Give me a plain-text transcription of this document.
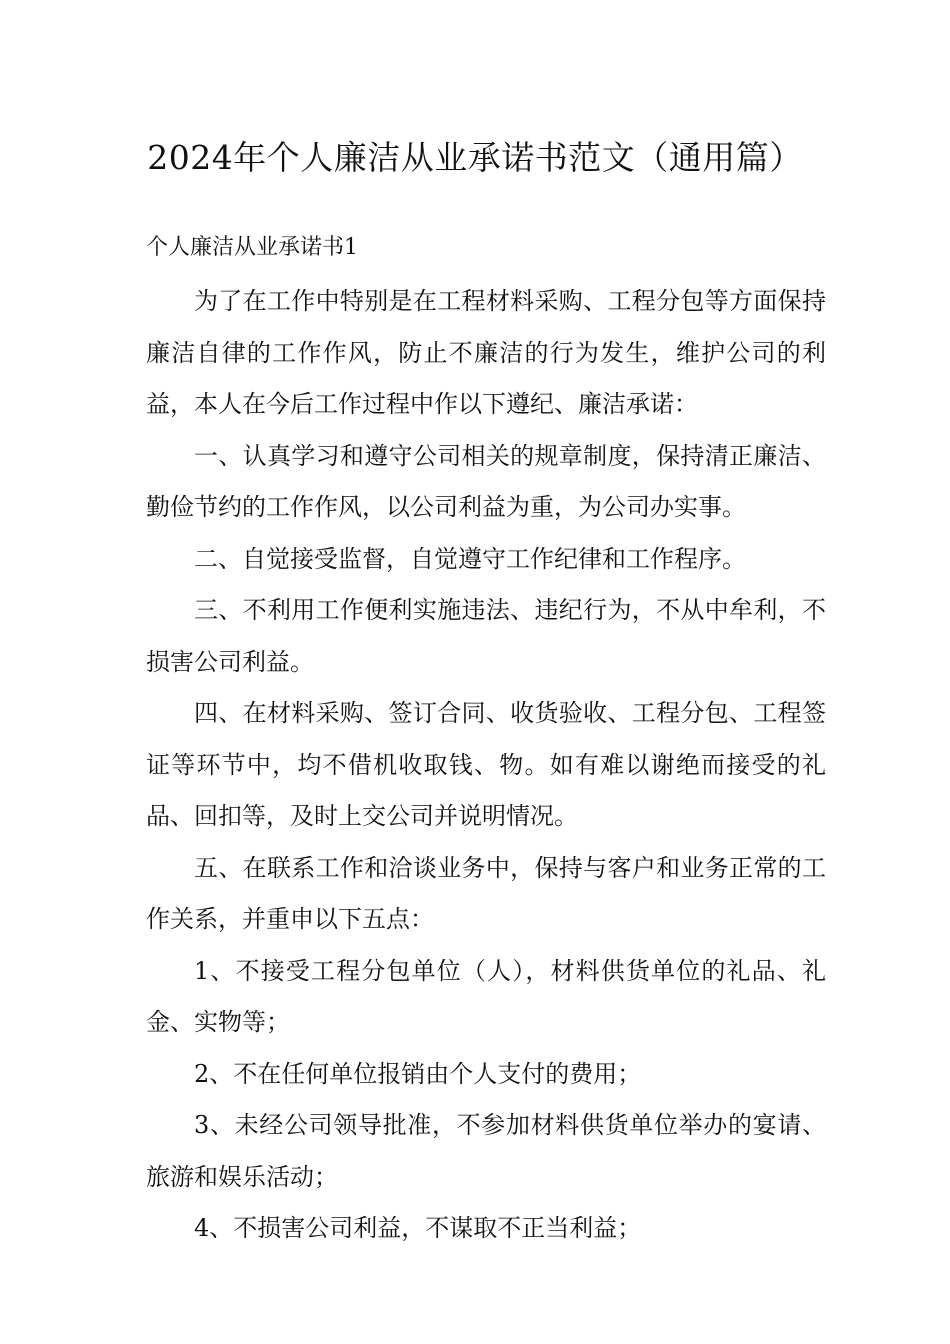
2024年个人廉洁从业承诺书范文（通用篇）
个人廉洁从业承诺书1

为了在工作中特别是在工程材料采购、工程分包等方面保持廉洁自律的工作作风，防止不廉洁的行为发生，维护公司的利益，本人在今后工作过程中作以下遵纪、廉洁承诺：

一、认真学习和遵守公司相关的规章制度，保持清正廉洁、勤俭节约的工作作风，以公司利益为重，为公司办实事。

二、自觉接受监督，自觉遵守工作纪律和工作程序。

三、不利用工作便利实施违法、违纪行为，不从中牟利，不损害公司利益。

四、在材料采购、签订合同、收货验收、工程分包、工程签证等环节中，均不借机收取钱、物。如有难以谢绝而接受的礼品、回扣等，及时上交公司并说明情况。

五、在联系工作和洽谈业务中，保持与客户和业务正常的工作关系，并重申以下五点：

1、不接受工程分包单位（人），材料供货单位的礼品、礼金、实物等；

2、不在任何单位报销由个人支付的费用；

3、未经公司领导批准，不参加材料供货单位举办的宴请、旅游和娱乐活动；

4、不损害公司利益，不谋取不正当利益；
